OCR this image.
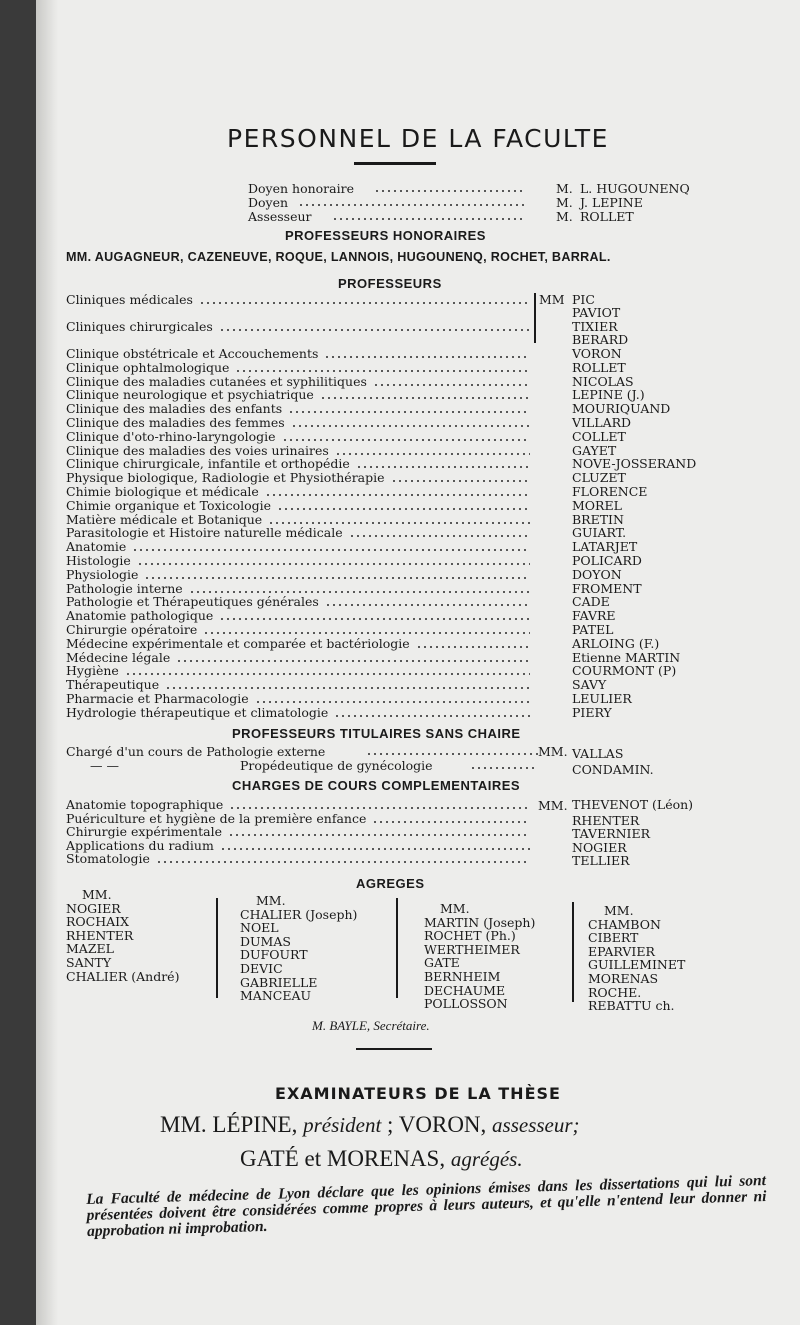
PERSONNEL DE LA FACULTE
Doyen honoraire	M. L. HUGOUNENQ
Doyen	M. J. LEPINE
Assesseur	M. ROLLET
PROFESSEURS HONORAIRES
MM. AUGAGNEUR, CAZENEUVE, ROQUE, LANNOIS, HUGOUNENQ, ROCHET, BARRAL.
PROFESSEURS
MM
Cliniques médicales	PIC
PAVIOT
Cliniques chirurgicales	TIXIER
BERARD
Clinique obstétricale et Accouchements	VORON
Clinique ophtalmologique	ROLLET
Clinique des maladies cutanées et syphilitiques	NICOLAS
Clinique neurologique et psychiatrique	LEPINE (J.)
Clinique des maladies des enfants	MOURIQUAND
Clinique des maladies des femmes	VILLARD
Clinique d'oto-rhino-laryngologie	COLLET
Clinique des maladies des voies urinaires	GAYET
Clinique chirurgicale, infantile et orthopédie	NOVE-JOSSERAND
Physique biologique, Radiologie et Physiothérapie	CLUZET
Chimie biologique et médicale	FLORENCE
Chimie organique et Toxicologie	MOREL
Matière médicale et Botanique	BRETIN
Parasitologie et Histoire naturelle médicale	GUIART.
Anatomie	LATARJET
Histologie	POLICARD
Physiologie	DOYON
Pathologie interne	FROMENT
Pathologie et Thérapeutiques générales	CADE
Anatomie pathologique	FAVRE
Chirurgie opératoire	PATEL
Médecine expérimentale et comparée et bactériologie	ARLOING (F.)
Médecine légale	Etienne MARTIN
Hygiène	COURMONT (P)
Thérapeutique	SAVY
Pharmacie et Pharmacologie	LEULIER
Hydrologie thérapeutique et climatologie	PIERY
PROFESSEURS TITULAIRES SANS CHAIRE
Chargé d'un cours de Pathologie externe	MM. VALLAS
— —	Propédeutique de gynécologie	CONDAMIN.
CHARGES DE COURS COMPLEMENTAIRES
MM.
Anatomie topographique	THEVENOT (Léon)
Puériculture et hygiène de la première enfance	RHENTER
Chirurgie expérimentale	TAVERNIER
Applications du radium	NOGIER
Stomatologie	TELLIER
AGREGES
MM.
NOGIER
ROCHAIX
RHENTER
MAZEL
SANTY
CHALIER (André)
MM.
CHALIER (Joseph)
NOEL
DUMAS
DUFOURT
DEVIC
GABRIELLE
MANCEAU
MM.
MARTIN (Joseph)
ROCHET (Ph.)
WERTHEIMER
GATE
BERNHEIM
DECHAUME
POLLOSSON
MM.
CHAMBON
CIBERT
EPARVIER
GUILLEMINET
MORENAS
ROCHE.
REBATTU ch.
M. BAYLE, Secrétaire.
EXAMINATEURS DE LA THÈSE
MM. LÉPINE, président ; VORON, assesseur;
GATÉ et MORENAS, agrégés.
La Faculté de médecine de Lyon déclare que les opinions émises dans les dissertations qui lui sont présentées doivent être considérées comme propres à leurs auteurs, et qu'elle n'entend leur donner ni approbation ni improbation.
